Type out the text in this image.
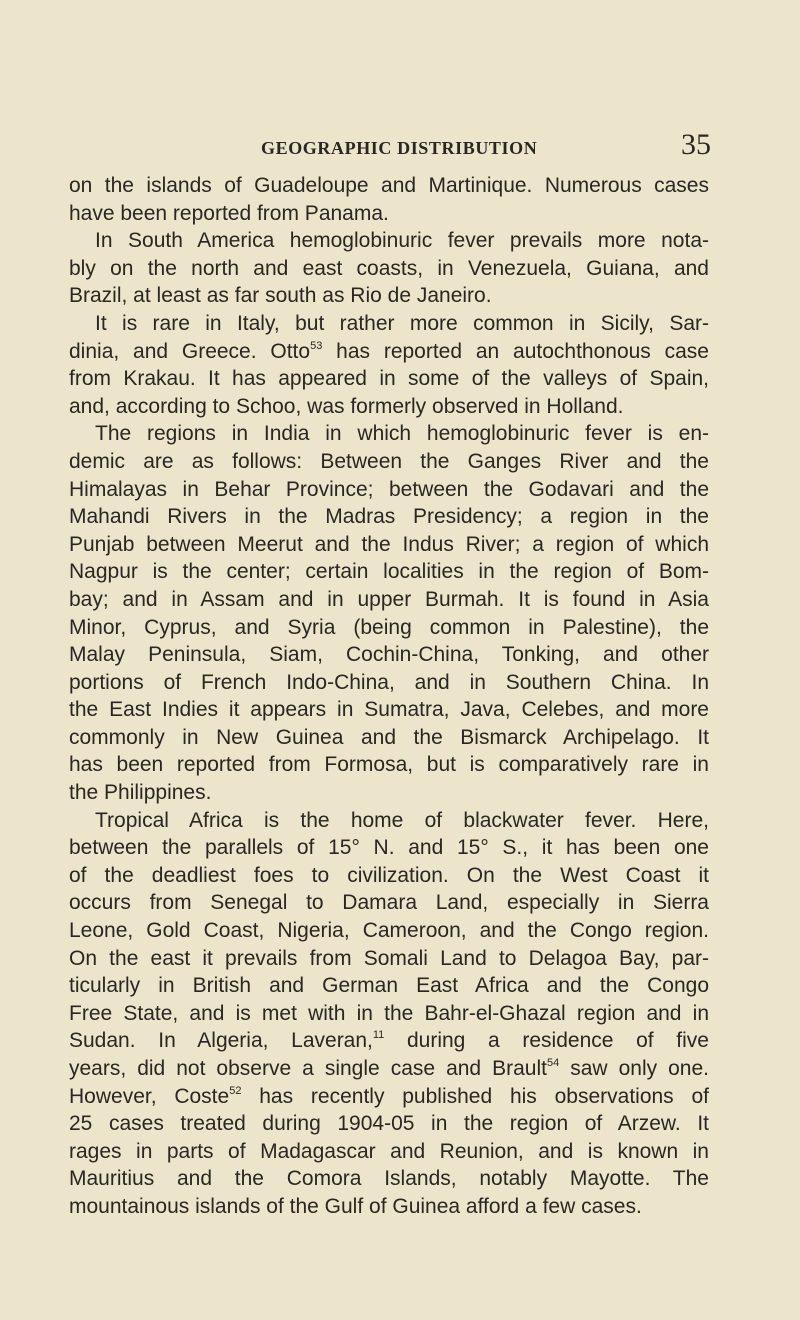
GEOGRAPHIC DISTRIBUTION	35
on the islands of Guadeloupe and Martinique. Numerous cases
have been reported from Panama.
In South America hemoglobinuric fever prevails more nota-
bly on the north and east coasts, in Venezuela, Guiana, and
Brazil, at least as far south as Rio de Janeiro.
It is rare in Italy, but rather more common in Sicily, Sar-
dinia, and Greece. Otto$^{53}$ has reported an autochthonous case
from Krakau. It has appeared in some of the valleys of Spain,
and, according to Schoo, was formerly observed in Holland.
The regions in India in which hemoglobinuric fever is en-
demic are as follows: Between the Ganges River and the
Himalayas in Behar Province; between the Godavari and the
Mahandi Rivers in the Madras Presidency; a region in the
Punjab between Meerut and the Indus River; a region of which
Nagpur is the center; certain localities in the region of Bom-
bay; and in Assam and in upper Burmah. It is found in Asia
Minor, Cyprus, and Syria (being common in Palestine), the
Malay Peninsula, Siam, Cochin-China, Tonking, and other
portions of French Indo-China, and in Southern China. In
the East Indies it appears in Sumatra, Java, Celebes, and more
commonly in New Guinea and the Bismarck Archipelago. It
has been reported from Formosa, but is comparatively rare in
the Philippines.
Tropical Africa is the home of blackwater fever. Here,
between the parallels of 15° N. and 15° S., it has been one
of the deadliest foes to civilization. On the West Coast it
occurs from Senegal to Damara Land, especially in Sierra
Leone, Gold Coast, Nigeria, Cameroon, and the Congo region.
On the east it prevails from Somali Land to Delagoa Bay, par-
ticularly in British and German East Africa and the Congo
Free State, and is met with in the Bahr-el-Ghazal region and in
Sudan. In Algeria, Laveran,$^{11}$ during a residence of five
years, did not observe a single case and Brault$^{54}$ saw only one.
However, Coste$^{52}$ has recently published his observations of
25 cases treated during 1904-05 in the region of Arzew. It
rages in parts of Madagascar and Reunion, and is known in
Mauritius and the Comora Islands, notably Mayotte. The
mountainous islands of the Gulf of Guinea afford a few cases.
